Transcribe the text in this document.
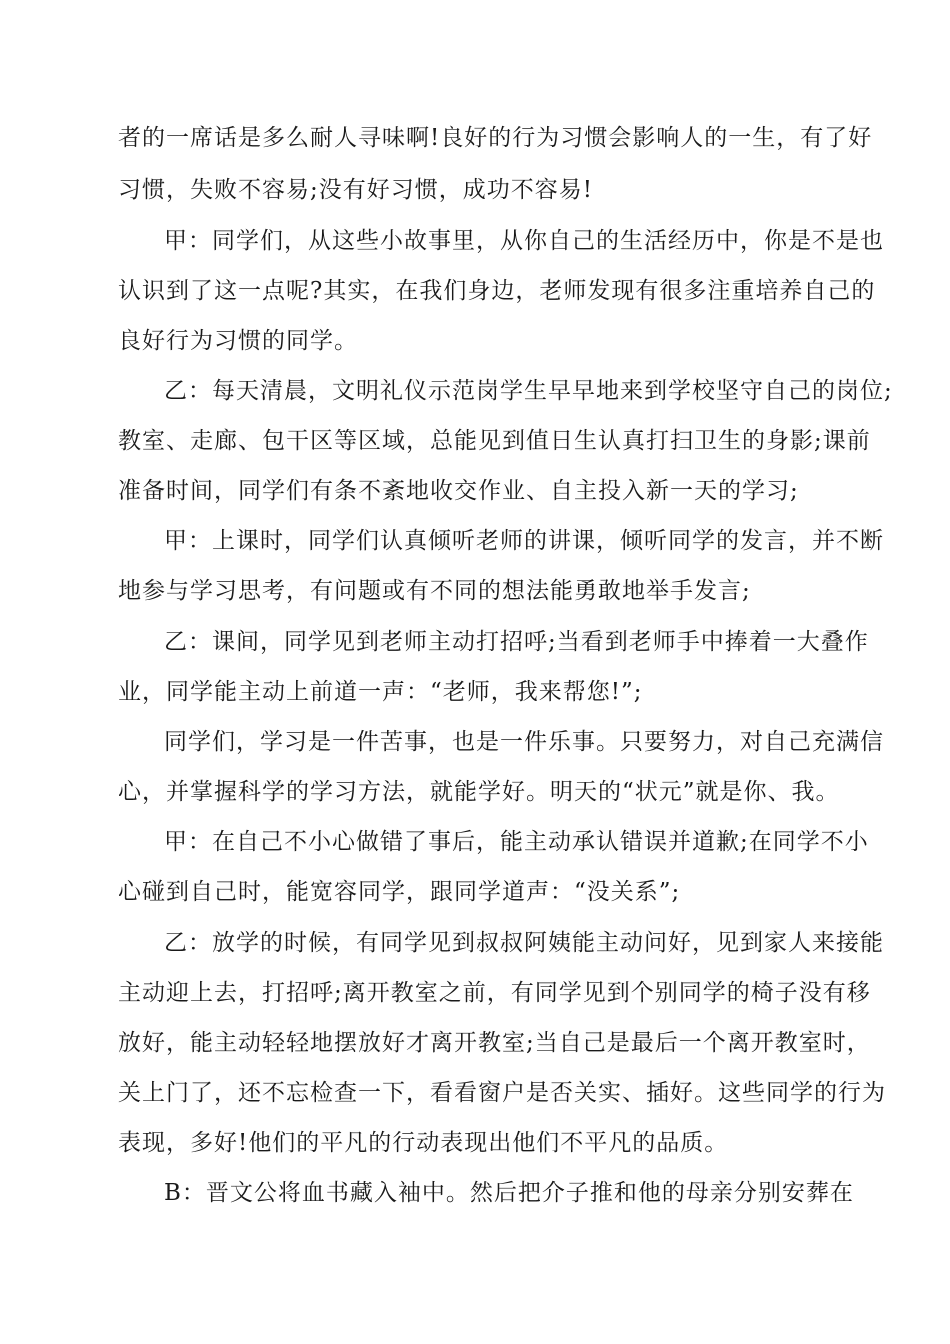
者的一席话是多么耐人寻味啊!良好的行为习惯会影响人的一生，有了好
习惯，失败不容易;没有好习惯，成功不容易!
甲：同学们，从这些小故事里，从你自己的生活经历中，你是不是也
认识到了这一点呢?其实，在我们身边，老师发现有很多注重培养自己的
良好行为习惯的同学。
乙：每天清晨，文明礼仪示范岗学生早早地来到学校坚守自己的岗位;
教室、走廊、包干区等区域，总能见到值日生认真打扫卫生的身影;课前
准备时间，同学们有条不紊地收交作业、自主投入新一天的学习;
甲：上课时，同学们认真倾听老师的讲课，倾听同学的发言，并不断
地参与学习思考，有问题或有不同的想法能勇敢地举手发言;
乙：课间，同学见到老师主动打招呼;当看到老师手中捧着一大叠作
业，同学能主动上前道一声：“老师，我来帮您!”;
同学们，学习是一件苦事，也是一件乐事。只要努力，对自己充满信
心，并掌握科学的学习方法，就能学好。明天的“状元”就是你、我。
甲：在自己不小心做错了事后，能主动承认错误并道歉;在同学不小
心碰到自己时，能宽容同学，跟同学道声：“没关系”;
乙：放学的时候，有同学见到叔叔阿姨能主动问好，见到家人来接能
主动迎上去，打招呼;离开教室之前，有同学见到个别同学的椅子没有移
放好，能主动轻轻地摆放好才离开教室;当自己是最后一个离开教室时，
关上门了，还不忘检查一下，看看窗户是否关实、插好。这些同学的行为
表现，多好!他们的平凡的行动表现出他们不平凡的品质。
B：晋文公将血书藏入袖中。然后把介子推和他的母亲分别安葬在
